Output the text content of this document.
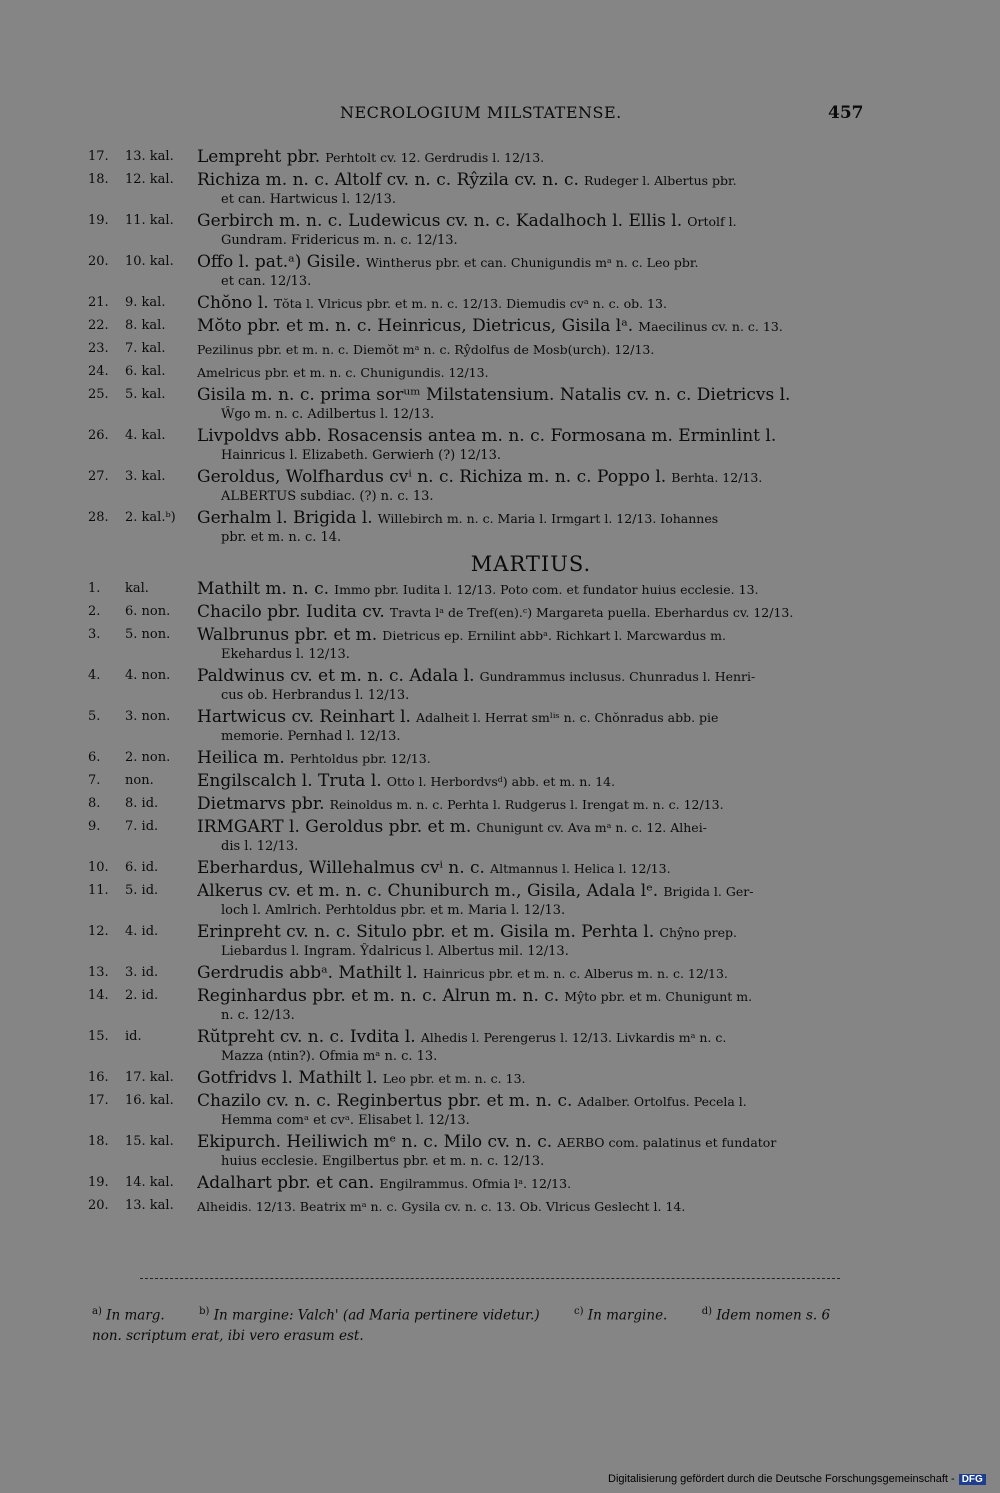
NECROLOGIUM MILSTATENSE.	457
17.	13. kal.	Lempreht pbr. Perhtolt cv. 12. Gerdrudis l. 12/13.
18.	12. kal.	Richiza m. n. c. Altolf cv. n. c. Rŷzila cv. n. c. Rudeger l. Albertus pbr.
et can. Hartwicus l. 12/13.
19.	11. kal.	Gerbirch m. n. c. Ludewicus cv. n. c. Kadalhoch l. Ellis l. Ortolf l.
Gundram. Fridericus m. n. c. 12/13.
20.	10. kal.	Offo l. pat.ᵃ) Gisile. Wintherus pbr. et can. Chunigundis mᵃ n. c. Leo pbr.
et can. 12/13.
21.	9. kal.	Chŏno l. Tŏta l. Vlricus pbr. et m. n. c. 12/13. Diemudis cvᵃ n. c. ob. 13.
22.	8. kal.	Mŏto pbr. et m. n. c. Heinricus, Dietricus, Gisila lᵃ. Maecilinus cv. n. c. 13.
23.	7. kal.	Pezilinus pbr. et m. n. c. Diemŏt mᵃ n. c. Rŷdolfus de Mosb(urch). 12/13.
24.	6. kal.	Amelricus pbr. et m. n. c. Chunigundis. 12/13.
25.	5. kal.	Gisila m. n. c. prima sorᵘᵐ Milstatensium. Natalis cv. n. c. Dietricvs l.
Ŵgo m. n. c. Adilbertus l. 12/13.
26.	4. kal.	Livpoldvs abb. Rosacensis antea m. n. c. Formosana m. Erminlint l.
Hainricus l. Elizabeth. Gerwierh (?) 12/13.
27.	3. kal.	Geroldus, Wolfhardus cvⁱ n. c. Richiza m. n. c. Poppo l. Berhta. 12/13.
ALBERTUS subdiac. (?) n. c. 13.
28.	2. kal.ᵇ)	Gerhalm l. Brigida l. Willebirch m. n. c. Maria l. Irmgart l. 12/13. Iohannes
pbr. et m. n. c. 14.
MARTIUS.
1.	kal.	Mathilt m. n. c. Immo pbr. Iudita l. 12/13. Poto com. et fundator huius ecclesie. 13.
2.	6. non.	Chacilo pbr. Iudita cv. Travta lᵃ de Tref(en).ᶜ) Margareta puella. Eberhardus cv. 12/13.
3.	5. non.	Walbrunus pbr. et m. Dietricus ep. Ernilint abbᵃ. Richkart l. Marcwardus m.
Ekehardus l. 12/13.
4.	4. non.	Paldwinus cv. et m. n. c. Adala l. Gundrammus inclusus. Chunradus l. Henri-
cus ob. Herbrandus l. 12/13.
5.	3. non.	Hartwicus cv. Reinhart l. Adalheit l. Herrat smˡⁱˢ n. c. Chŏnradus abb. pie
memorie. Pernhad l. 12/13.
6.	2. non.	Heilica m. Perhtoldus pbr. 12/13.
7.	non.	Engilscalch l. Truta l. Otto l. Herbordvsᵈ) abb. et m. n. 14.
8.	8. id.	Dietmarvs pbr. Reinoldus m. n. c. Perhta l. Rudgerus l. Irengat m. n. c. 12/13.
9.	7. id.	IRMGART l. Geroldus pbr. et m. Chunigunt cv. Ava mᵃ n. c. 12. Alhei-
dis l. 12/13.
10.	6. id.	Eberhardus, Willehalmus cvⁱ n. c. Altmannus l. Helica l. 12/13.
11.	5. id.	Alkerus cv. et m. n. c. Chuniburch m., Gisila, Adala lᵉ. Brigida l. Ger-
loch l. Amlrich. Perhtoldus pbr. et m. Maria l. 12/13.
12.	4. id.	Erinpreht cv. n. c. Situlo pbr. et m. Gisila m. Perhta l. Chŷno prep.
Liebardus l. Ingram. Ŷdalricus l. Albertus mil. 12/13.
13.	3. id.	Gerdrudis abbᵃ. Mathilt l. Hainricus pbr. et m. n. c. Alberus m. n. c. 12/13.
14.	2. id.	Reginhardus pbr. et m. n. c. Alrun m. n. c. Mŷto pbr. et m. Chunigunt m.
n. c. 12/13.
15.	id.	Rŭtpreht cv. n. c. Ivdita l. Alhedis l. Perengerus l. 12/13. Livkardis mᵃ n. c.
Mazza (ntin?). Ofmia mᵃ n. c. 13.
16.	17. kal.	Gotfridvs l. Mathilt l. Leo pbr. et m. n. c. 13.
17.	16. kal.	Chazilo cv. n. c. Reginbertus pbr. et m. n. c. Adalber. Ortolfus. Pecela l.
Hemma comᵃ et cvᵃ. Elisabet l. 12/13.
18.	15. kal.	Ekipurch. Heiliwich mᵉ n. c. Milo cv. n. c. AERBO com. palatinus et fundator
huius ecclesie. Engilbertus pbr. et m. n. c. 12/13.
19.	14. kal.	Adalhart pbr. et can. Engilrammus. Ofmia lᵃ. 12/13.
20.	13. kal.	Alheidis. 12/13. Beatrix mᵃ n. c. Gysila cv. n. c. 13. Ob. Vlricus Geslecht l. 14.
$^{a)}$ In marg.	$^{b)}$ In margine: Valch' (ad Maria pertinere videtur.)	$^{c)}$ In margine.	$^{d)}$ Idem nomen s. 6 non. scriptum erat, ibi vero erasum est.
Digitalisierung gefördert durch die Deutsche Forschungsgemeinschaft - DFG
